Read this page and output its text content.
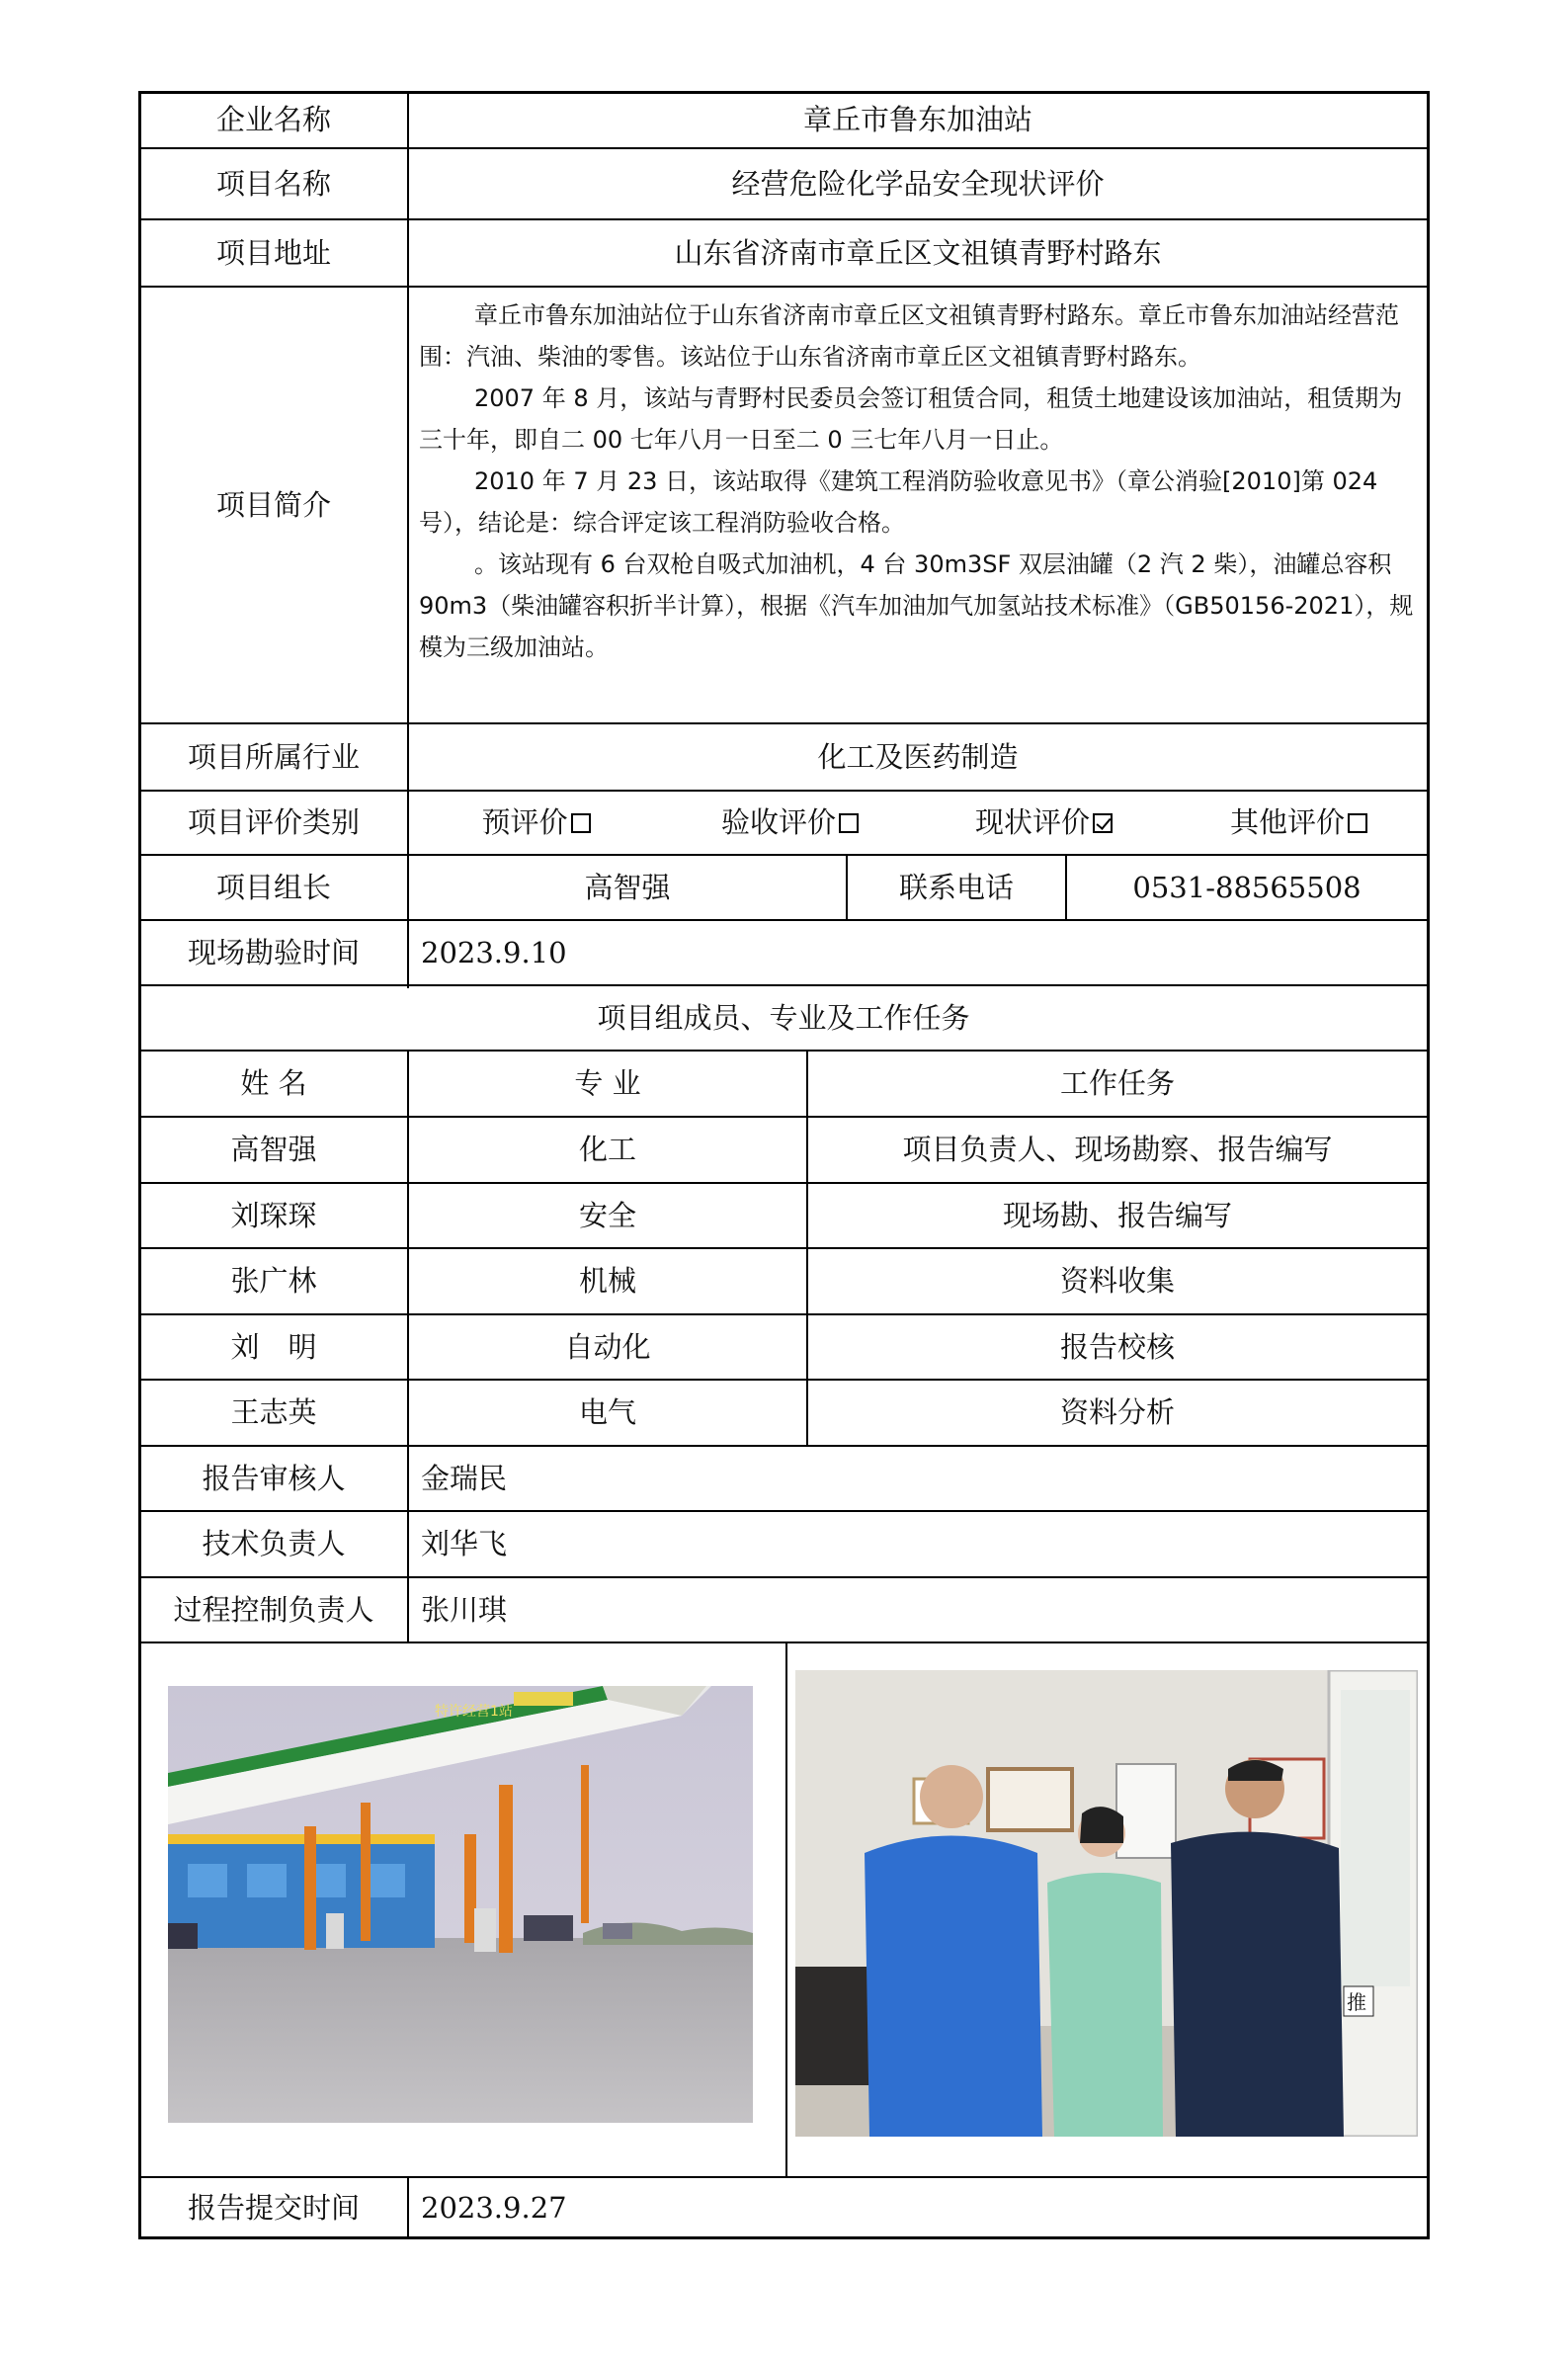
企业名称	章丘市鲁东加油站
项目名称	经营危险化学品安全现状评价
项目地址	山东省济南市章丘区文祖镇青野村路东
项目简介

章丘市鲁东加油站位于山东省济南市章丘区文祖镇青野村路东。章丘市鲁东加油站经营范围：汽油、柴油的零售。该站位于山东省济南市章丘区文祖镇青野村路东。

2007 年 8 月，该站与青野村民委员会签订租赁合同，租赁土地建设该加油站，租赁期为三十年，即自二 00 七年八月一日至二 0 三七年八月一日止。

2010 年 7 月 23 日，该站取得《建筑工程消防验收意见书》（章公消验[2010]第 024 号），结论是：综合评定该工程消防验收合格。

。该站现有 6 台双枪自吸式加油机，4 台 30m3SF 双层油罐（2 汽 2 柴），油罐总容积 90m3（柴油罐容积折半计算），根据《汽车加油加气加氢站技术标准》（GB50156-2021），规模为三级加油站。

项目所属行业	化工及医药制造
项目评价类别	预评价	验收评价	现状评价	其他评价
项目组长	高智强	联系电话	0531-88565508
现场勘验时间	2023.9.10
项目组成员、专业及工作任务
姓 名	专 业	工作任务
高智强	化工	项目负责人、现场勘察、报告编写
刘琛琛	安全	现场勘、报告编写
张广林	机械	资料收集
刘　明	自动化	报告校核
王志英	电气	资料分析
报告审核人	金瑞民
技术负责人	刘华飞
过程控制负责人	张川琪
特许经营1站
推
报告提交时间	2023.9.27
